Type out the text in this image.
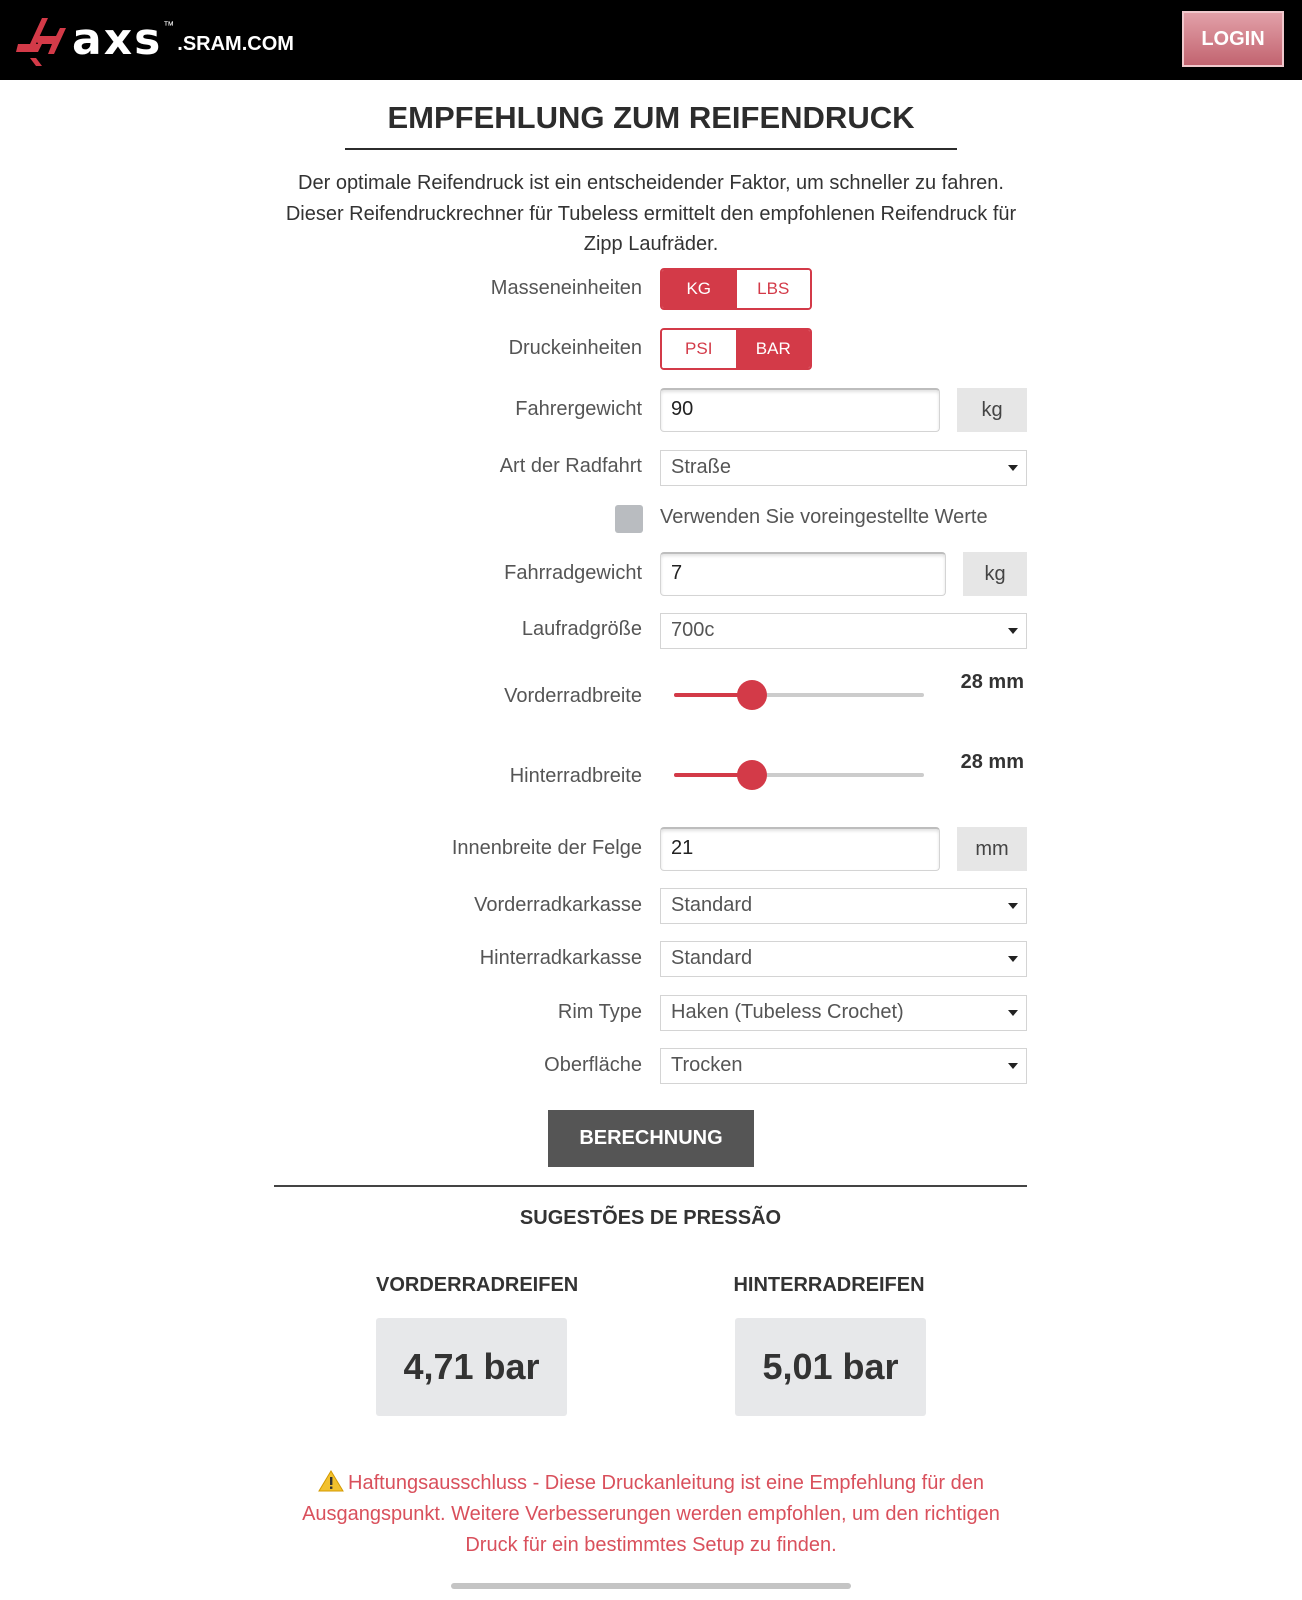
axs ™
.SRAM.COM	LOGIN
EMPFEHLUNG ZUM REIFENDRUCK
Der optimale Reifendruck ist ein entscheidender Faktor, um schneller zu fahren. Dieser Reifendruckrechner für Tubeless ermittelt den empfohlenen Reifendruck für Zipp Laufräder.
Masseneinheiten	KG	LBS
Druckeinheiten	PSI	BAR
Fahrergewicht	90	kg
Art der Radfahrt	Straße
Verwenden Sie voreingestellte Werte
Fahrradgewicht	7	kg
Laufradgröße	700c
Vorderradbreite
28 mm
Hinterradbreite
28 mm
Innenbreite der Felge	21	mm
Vorderradkarkasse	Standard
Hinterradkarkasse	Standard
Rim Type	Haken (Tubeless Crochet)
Oberfläche	Trocken
BERECHNUNG
SUGESTÕES DE PRESSÃO
VORDERRADREIFEN
4,71 bar
HINTERRADREIFEN
5,01 bar
Haftungsausschluss - Diese Druckanleitung ist eine Empfehlung für den Ausgangspunkt. Weitere Verbesserungen werden empfohlen, um den richtigen Druck für ein bestimmtes Setup zu finden.
